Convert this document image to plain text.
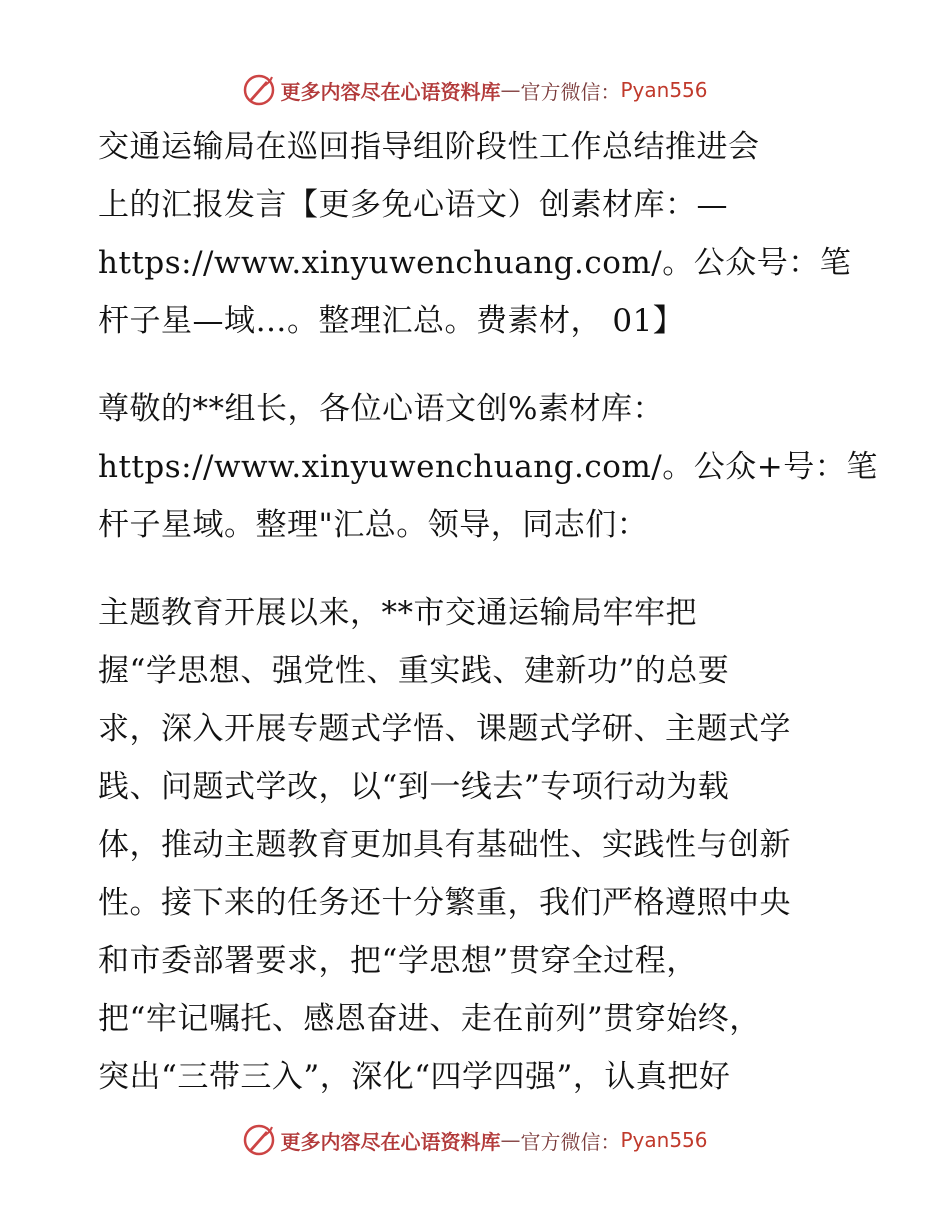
更多内容尽在心语资料库 — 官方微信： Pyan556
交通运输局在巡回指导组阶段性工作总结推进会
上的汇报发言【更多免心语文）创素材库：—
https://www.xinyuwenchuang.com/。公众号：笔
杆子星—域…。整理汇总。费素材， 01】
尊敬的**组长，各位心语文创%素材库：
https://www.xinyuwenchuang.com/。公众+号：笔
杆子星域。整理"汇总。领导，同志们：
主题教育开展以来，**市交通运输局牢牢把
握“学思想、强党性、重实践、建新功”的总要
求，深入开展专题式学悟、课题式学研、主题式学
践、问题式学改，以“到一线去”专项行动为载
体，推动主题教育更加具有基础性、实践性与创新
性。接下来的任务还十分繁重，我们严格遵照中央
和市委部署要求，把“学思想”贯穿全过程，
把“牢记嘱托、感恩奋进、走在前列”贯穿始终，
突出“三带三入”，深化“四学四强”，认真把好
更多内容尽在心语资料库 — 官方微信： Pyan556
